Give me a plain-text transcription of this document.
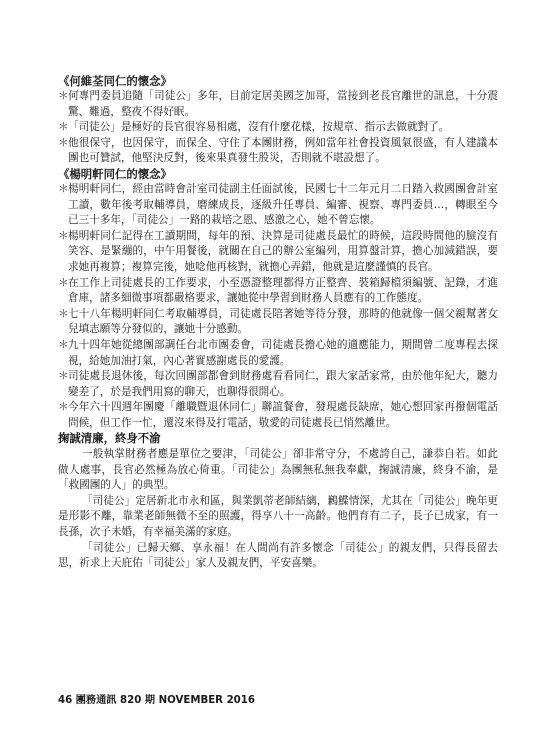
《何維荃同仁的懷念》
＊ 何專門委員追隨「司徒公」多年，目前定居美國芝加哥，當接到老長官離世的訊息，十分震驚、難過，整夜不得好眠。
＊ 「司徒公」是極好的長官很容易相處，沒有什麼花樣，按規章、指示去做就對了。
＊ 他很保守，也因保守，而保全、守住了本團財務，例如當年社會投資風氣很盛，有人建議本團也可贊試，他堅決反對，後來果真發生股災，否則就不堪設想了。
《楊明軒同仁的懷念》
＊ 楊明軒同仁，經由當時會計室司徒副主任面試後，民國七十二年元月二日踏入救國團會計室工讀，數年後考取輔導員，磨練成長，逐級升任專員、編審、視察、專門委員…，轉眼至今已三十多年，「司徒公」一路的栽培之恩、感激之心，她不曾忘懷。
＊ 楊明軒同仁記得在工讀期間，每年的預、決算是司徒處長最忙的時候，這段時間他的臉沒有笑容、是緊繃的，中午用餐後，就關在自己的辦公室編列，用算盤計算，擔心加減錯誤，要求她再複算；複算完後，她唸他再核對，就擔心弄錯，他就是這麼謹慎的長官。
＊ 在工作上司徒處長的工作要求，小至憑證整理都得方正整齊、裝箱歸檔須編號、記錄，才進倉庫，諸多細微事項都嚴格要求，讓她從中學習到財務人員應有的工作態度。
＊ 七十八年楊明軒同仁考取輔導員，司徒處長陪著她等待分發，那時的他就像一個父親幫著女兒填志願等分發似的，讓她十分感動。
＊ 九十四年她從總團部調任台北市團委會，司徒處長擔心她的適應能力，期間曾二度專程去探視，給她加油打氣，內心著實感謝處長的愛護。
＊ 司徒處長退休後，每次回團部都會到財務處看看同仁，跟大家話家常，由於他年紀大，聽力變差了，於是我們用寫的聊天，也聊得很開心。
＊ 今年六十四週年團慶「離職暨退休同仁」聯誼餐會，發現處長缺席，她心想回家再撥個電話問候，但工作一忙，還沒來得及打電話，敬愛的司徒處長已悄然離世。
掬誠清廉，終身不渝

一般執掌財務者應是單位之要津，「司徒公」卻非常守分，不處誇自己，謙恭自若。如此做人處事，長官必然極為放心倚重。「司徒公」為團無私無我奉獻，掬誠清廉，終身不渝，是「救國團的人」的典型。

「司徒公」定居新北市永和區，與業凱蒂老師結縭，鶼鰈情深，尤其在「司徒公」晚年更是形影不離，靠業老師無微不至的照護，得享八十一高齡。他們育有二子，長子已成家，有一長孫，次子未婚，有幸福美滿的家庭。

「司徒公」已歸天鄉、享永福！在人間尚有許多懷念「司徒公」的親友們，只得長留去思，祈求上天庇佑「司徒公」家人及親友們，平安喜樂。

46 團務通訊 820 期 NOVEMBER 2016
